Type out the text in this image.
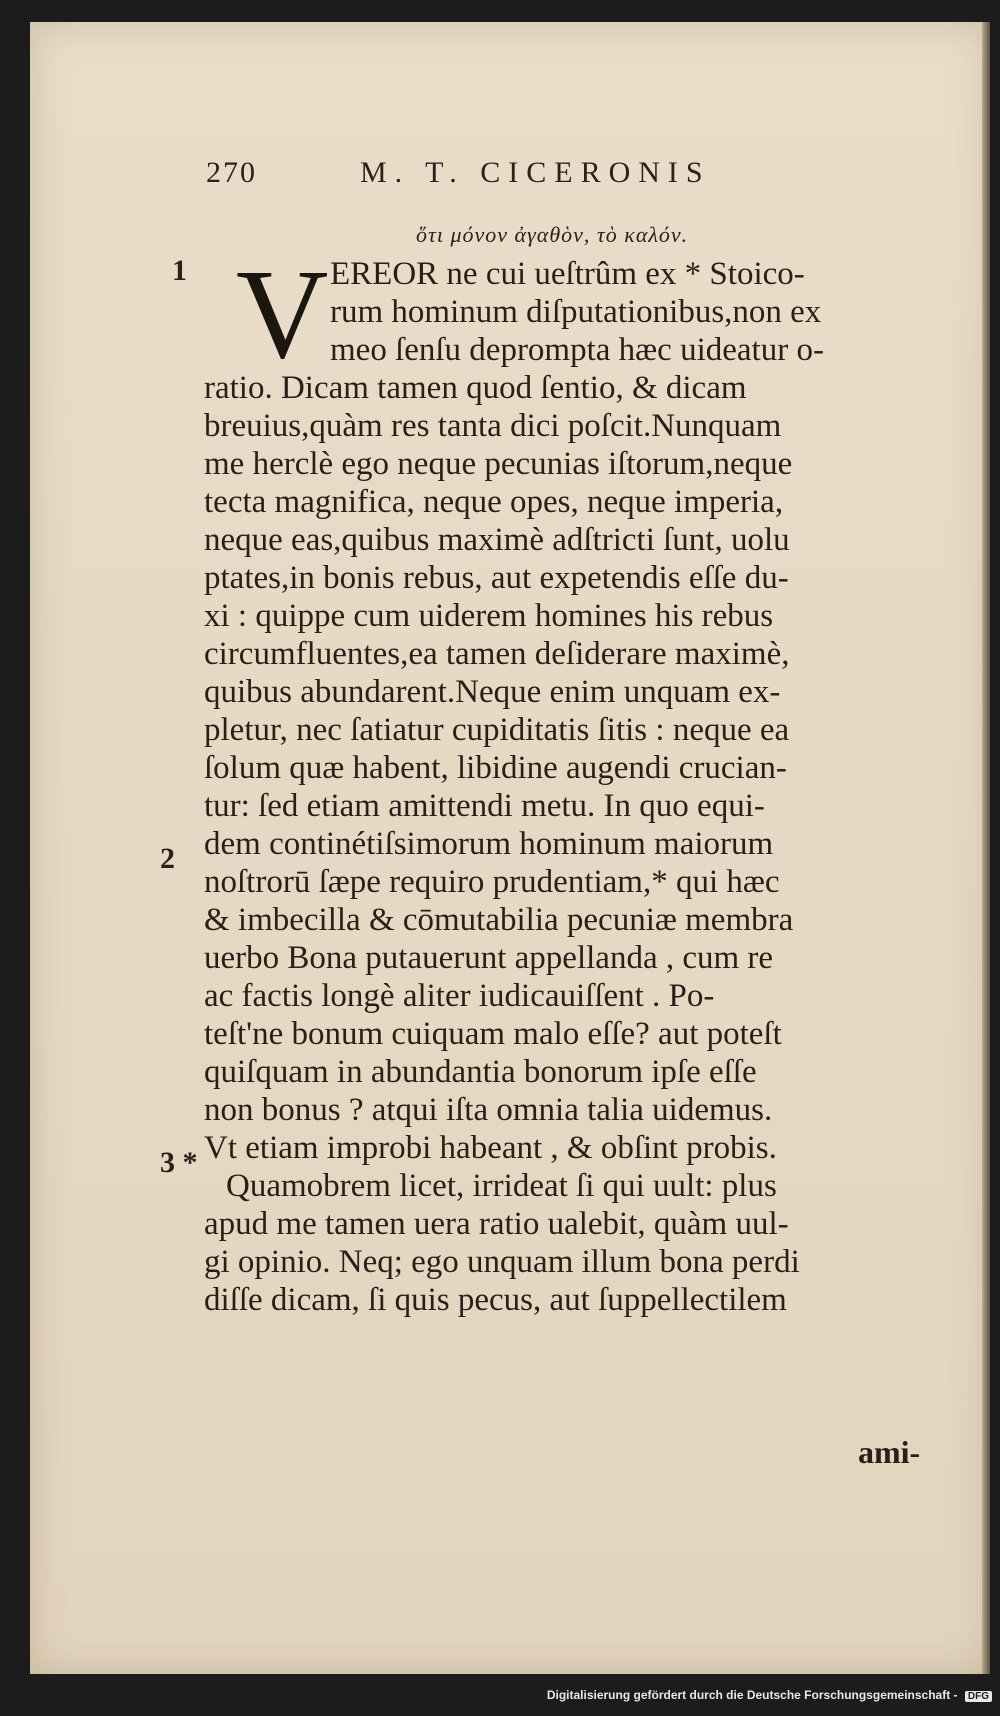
270	M. T. CICERONIS
ὅτι μόνον ἀγαθὸν, τὸ καλόν.
1
2
3 *
V EREOR ne cui ueſtrûm ex * Stoico-
rum hominum diſputationibus,non ex
meo ſenſu deprompta hæc uideatur o-
ratio. Dicam tamen quod ſentio, & dicam
breuius,quàm res tanta dici poſcit.Nunquam
me herclè ego neque pecunias iſtorum,neque
tecta magnifica, neque opes, neque imperia,
neque eas,quibus maximè adſtricti ſunt, uolu
ptates,in bonis rebus, aut expetendis eſſe du-
xi : quippe cum uiderem homines his rebus
circumfluentes,ea tamen deſiderare maximè,
quibus abundarent.Neque enim unquam ex-
pletur, nec ſatiatur cupiditatis ſitis : neque ea
ſolum quæ habent, libidine augendi crucian-
tur: ſed etiam amittendi metu. In quo equi-
dem continétiſsimorum hominum maiorum
noſtrorū ſæpe requiro prudentiam,* qui hæc
& imbecilla & cōmutabilia pecuniæ membra
uerbo Bona putauerunt appellanda , cum re
ac factis longè aliter iudicauiſſent . Po-
teſt'ne bonum cuiquam malo eſſe? aut poteſt
quiſquam in abundantia bonorum ipſe eſſe
non bonus ? atqui iſta omnia talia uidemus.
Vt etiam improbi habeant , & obſint probis.
Quamobrem licet, irrideat ſi qui uult: plus
apud me tamen uera ratio ualebit, quàm uul-
gi opinio. Neq; ego unquam illum bona perdi
diſſe dicam, ſi quis pecus, aut ſuppellectilem
ami-
Digitalisierung gefördert durch die Deutsche Forschungsgemeinschaft - DFG
